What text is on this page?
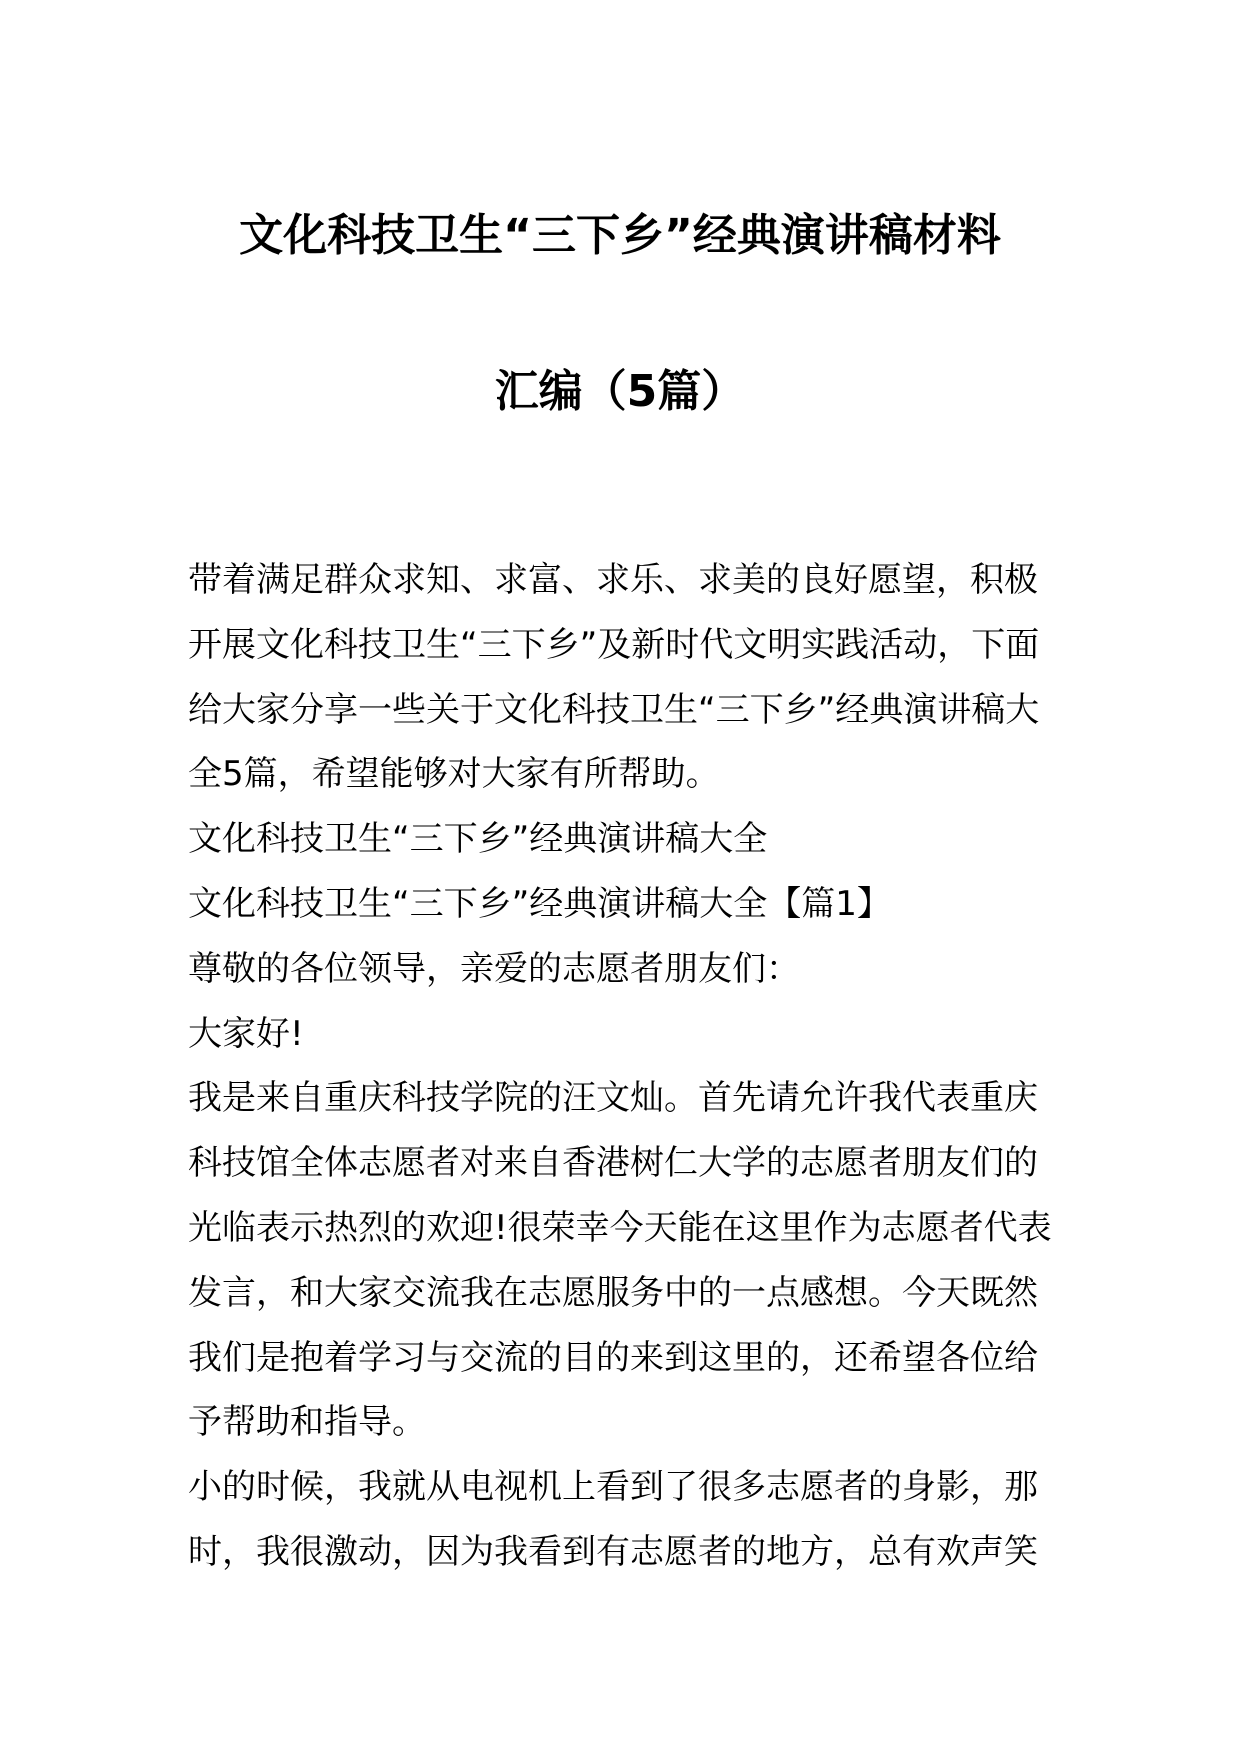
文化科技卫生“三下乡”经典演讲稿材料
汇编（5篇）

带着满足群众求知、求富、求乐、求美的良好愿望，积极开展文化科技卫生“三下乡”及新时代文明实践活动，下面给大家分享一些关于文化科技卫生“三下乡”经典演讲稿大全5篇，希望能够对大家有所帮助。

文化科技卫生“三下乡”经典演讲稿大全

文化科技卫生“三下乡”经典演讲稿大全【篇1】

尊敬的各位领导，亲爱的志愿者朋友们：

大家好!

我是来自重庆科技学院的汪文灿。首先请允许我代表重庆科技馆全体志愿者对来自香港树仁大学的志愿者朋友们的光临表示热烈的欢迎!很荣幸今天能在这里作为志愿者代表发言，和大家交流我在志愿服务中的一点感想。今天既然我们是抱着学习与交流的目的来到这里的，还希望各位给予帮助和指导。

小的时候，我就从电视机上看到了很多志愿者的身影，那时，我很激动，因为我看到有志愿者的地方，总有欢声笑
